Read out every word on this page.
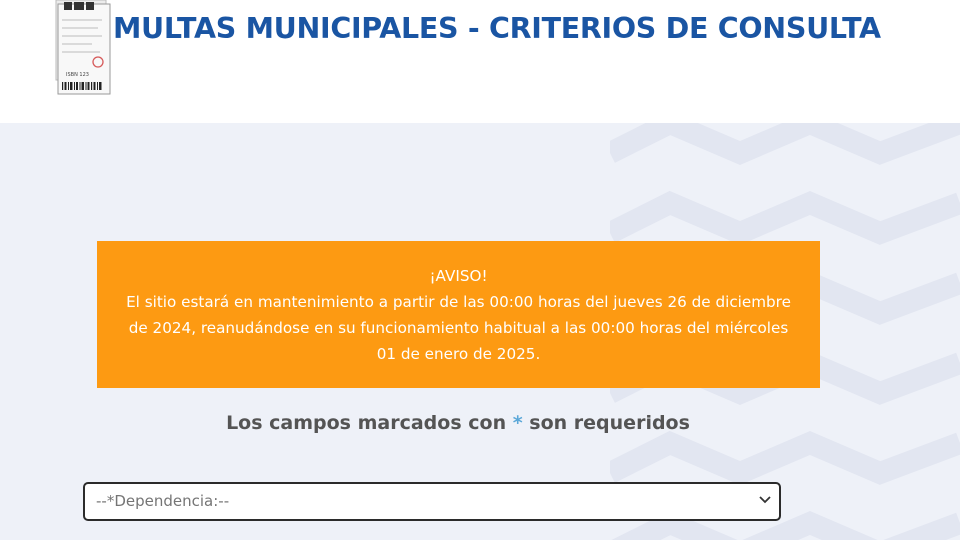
ISBN 123
MULTAS MUNICIPALES - CRITERIOS DE CONSULTA
¡AVISO!
El sitio estará en mantenimiento a partir de las 00:00 horas del jueves 26 de diciembre de 2024, reanudándose en su funcionamiento habitual a las 00:00 horas del miércoles 01 de enero de 2025.
Los campos marcados con * son requeridos
--*Dependencia:--
